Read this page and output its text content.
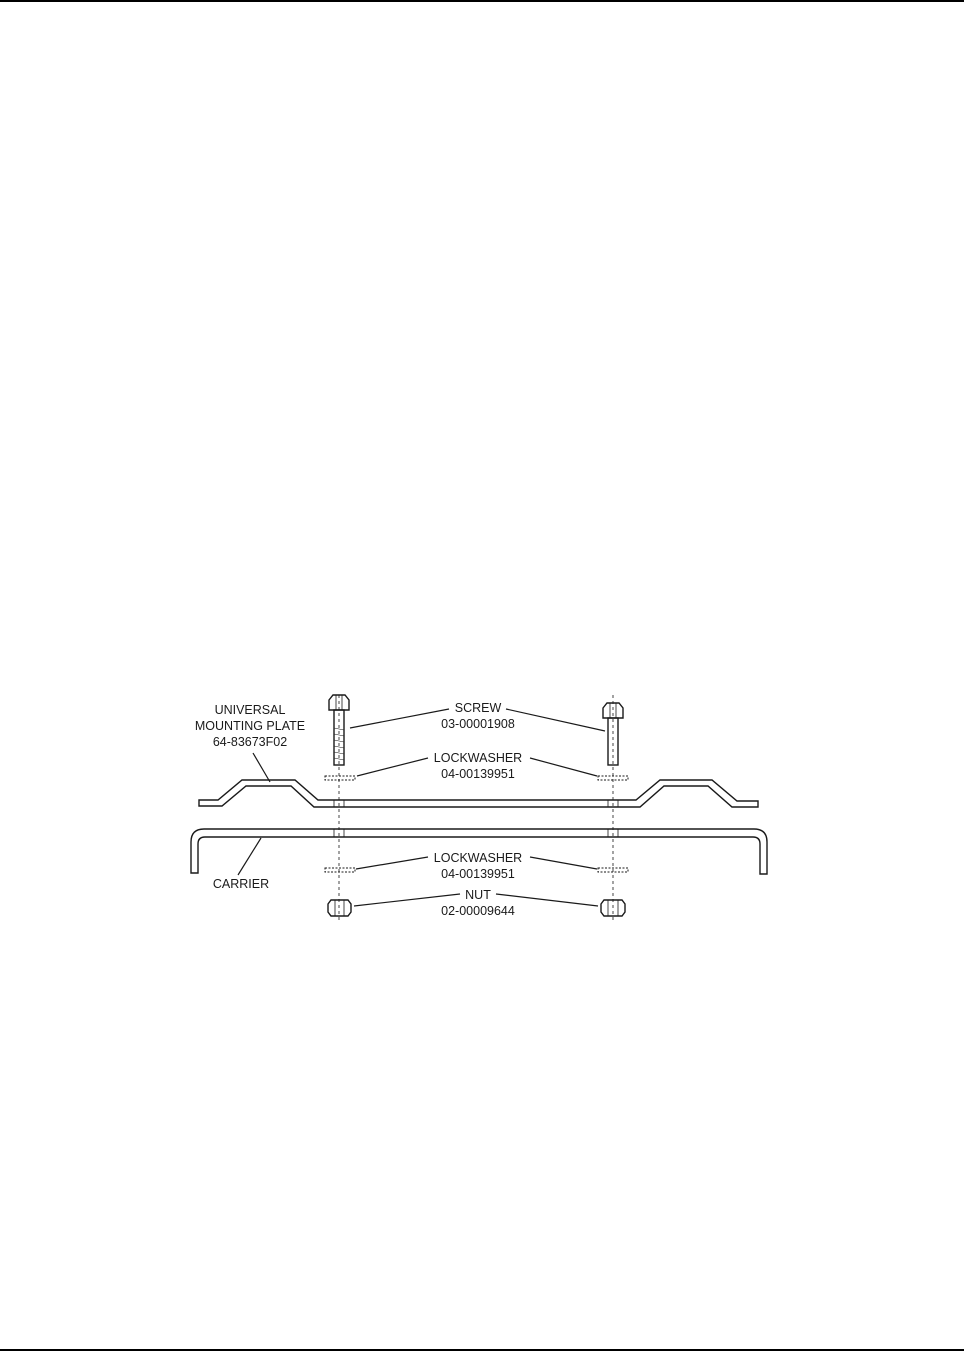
UNIVERSAL
MOUNTING PLATE
64-83673F02
SCREW
03-00001908
LOCKWASHER
04-00139951
CARRIER
LOCKWASHER
04-00139951
NUT
02-00009644
